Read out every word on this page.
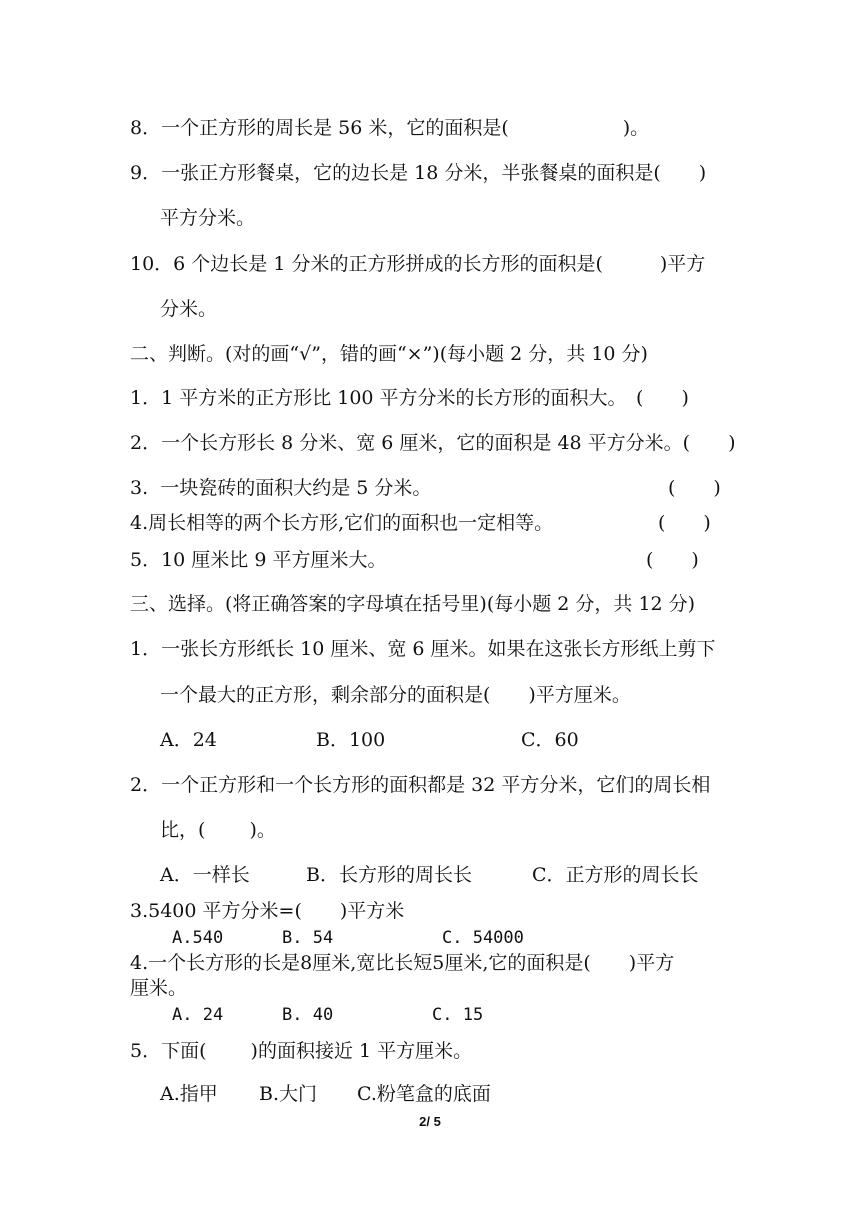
8．一个正方形的周长是 56 米，它的面积是(　　　　　　)。
9．一张正方形餐桌，它的边长是 18 分米，半张餐桌的面积是(　　)
平方分米。
10．6 个边长是 1 分米的正方形拼成的长方形的面积是(　　　)平方
分米。
二、判断。(对的画“√”，错的画“×”)(每小题 2 分，共 10 分)
1．1 平方米的正方形比 100 平方分米的长方形的面积大。　(　　)
2．一个长方形长 8 分米、宽 6 厘米，它的面积是 48 平方分米。(　　)
3.  一块瓷砖的面积大约是 5 分米。	(　　)
4.周长相等的两个长方形,它们的面积也一定相等。	(　　)
5．10 厘米比 9 平方厘米大。	(　　)
三、选择。(将正确答案的字母填在括号里)(每小题 2 分，共 12 分)
1．一张长方形纸长 10 厘米、宽 6 厘米。如果在这张长方形纸上剪下
一个最大的正方形，剩余部分的面积是(　　)平方厘米。
A．24	B．100	C．60
2．一个正方形和一个长方形的面积都是 32 平方分米，它们的周长相
比，(　　 )。
A．一样长	B．长方形的周长长	C．正方形的周长长
3.5400 平方分米=(　　)平方米
A.540	B. 54	C. 54000
4.一个长方形的长是8厘米,宽比长短5厘米,它的面积是(　　)平方
厘米。
A. 24	B. 40	C. 15
5．下面(　　 )的面积接近 1 平方厘米。
A.指甲 B.大门 C.粉笔盒的底面
2/ 5
